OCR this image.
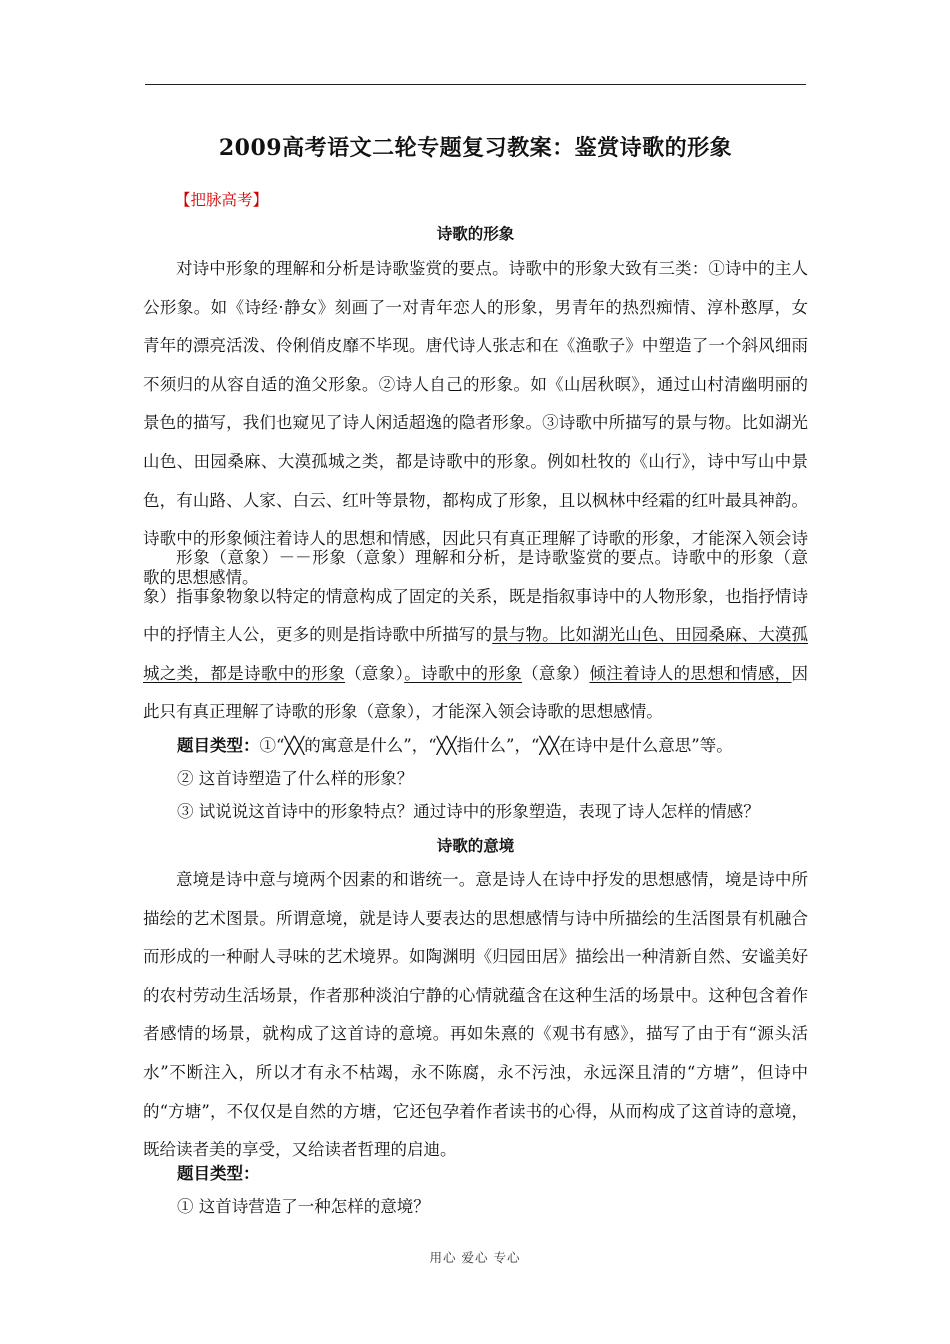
2009高考语文二轮专题复习教案：鉴赏诗歌的形象
【把脉高考】
诗歌的形象

对诗中形象的理解和分析是诗歌鉴赏的要点。诗歌中的形象大致有三类：①诗中的主人公形象。如《诗经·静女》刻画了一对青年恋人的形象，男青年的热烈痴情、淳朴憨厚，女青年的漂亮活泼、伶俐俏皮靡不毕现。唐代诗人张志和在《渔歌子》中塑造了一个斜风细雨不须归的从容自适的渔父形象。②诗人自己的形象。如《山居秋暝》，通过山村清幽明丽的景色的描写，我们也窥见了诗人闲适超逸的隐者形象。③诗歌中所描写的景与物。比如湖光山色、田园桑麻、大漠孤城之类，都是诗歌中的形象。例如杜牧的《山行》，诗中写山中景色，有山路、人家、白云、红叶等景物，都构成了形象，且以枫林中经霜的红叶最具神韵。诗歌中的形象倾注着诗人的思想和情感，因此只有真正理解了诗歌的形象，才能深入领会诗歌的思想感情。

形象（意象）－－形象（意象）理解和分析，是诗歌鉴赏的要点。诗歌中的形象（意象）指事象物象以特定的情意构成了固定的关系，既是指叙事诗中的人物形象，也指抒情诗中的抒情主人公，更多的则是指诗歌中所描写的景与物。比如湖光山色、田园桑麻、大漠孤城之类，都是诗歌中的形象（意象）。诗歌中的形象（意象）倾注着诗人的思想和情感，因此只有真正理解了诗歌的形象（意象），才能深入领会诗歌的思想感情。

题目类型：①“╳╳的寓意是什么”，“╳╳指什么”，“╳╳在诗中是什么意思”等。
② 这首诗塑造了什么样的形象？
③ 试说说这首诗中的形象特点？通过诗中的形象塑造，表现了诗人怎样的情感？
诗歌的意境

意境是诗中意与境两个因素的和谐统一。意是诗人在诗中抒发的思想感情，境是诗中所描绘的艺术图景。所谓意境，就是诗人要表达的思想感情与诗中所描绘的生活图景有机融合而形成的一种耐人寻味的艺术境界。如陶渊明《归园田居》描绘出一种清新自然、安谧美好的农村劳动生活场景，作者那种淡泊宁静的心情就蕴含在这种生活的场景中。这种包含着作者感情的场景，就构成了这首诗的意境。再如朱熹的《观书有感》，描写了由于有“源头活水”不断注入，所以才有永不枯竭，永不陈腐，永不污浊，永远深且清的“方塘”，但诗中的“方塘”，不仅仅是自然的方塘，它还包孕着作者读书的心得，从而构成了这首诗的意境，既给读者美的享受，又给读者哲理的启迪。

题目类型：
① 这首诗营造了一种怎样的意境？
用心 爱心 专心
